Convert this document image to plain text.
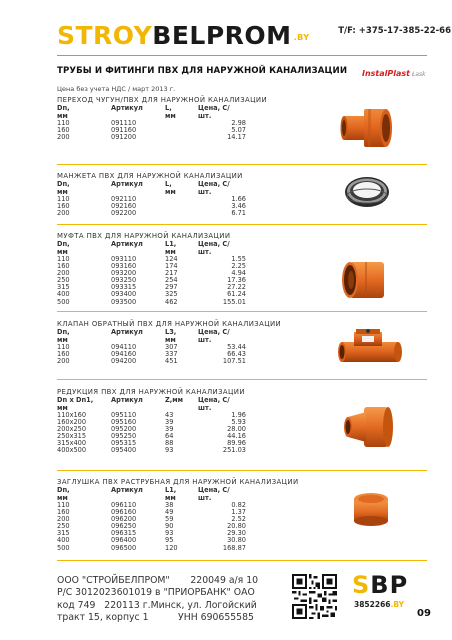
STROYBELPROM $^{.BY}$
T/F: +375-17-385-22-66
ТРУБЫ И ФИТИНГИ ПВХ ДЛЯ НАРУЖНОЙ КАНАЛИЗАЦИИ InstalPlast Łask
Цена без учета НДС / март 2013 г.
ПЕРЕХОД ЧУГУН/ПВХ ДЛЯ НАРУЖНОЙ КАНАЛИЗАЦИИ
Dn,
мм	Артикул	L,
мм	Цена, С/
шт.
110	091110		2.98
160	091160		5.07
200	091200		14.17
МАНЖЕТА ПВХ ДЛЯ НАРУЖНОЙ КАНАЛИЗАЦИИ
Dn,
мм	Артикул	L,
мм	Цена, С/
шт.
110	092110		1.66
160	092160		3.46
200	092200		6.71
МУФТА ПВХ ДЛЯ НАРУЖНОЙ КАНАЛИЗАЦИИ
Dn,
мм	Артикул	L1,
мм	Цена, С/
шт.
110	093110	124	1.55
160	093160	174	2.25
200	093200	217	4.94
250	093250	254	17.36
315	093315	297	27.22
400	093400	325	61.24
500	093500	462	155.01
КЛАПАН ОБРАТНЫЙ ПВХ ДЛЯ НАРУЖНОЙ КАНАЛИЗАЦИИ
Dn,
мм	Артикул	L3,
мм	Цена, С/
шт.
110	094110	307	53.44
160	094160	337	66.43
200	094200	451	107.51
РЕДУКЦИЯ ПВХ ДЛЯ НАРУЖНОЙ КАНАЛИЗАЦИИ
Dn x Dn1,
мм	Артикул	Z,мм	Цена, С/
шт.
110x160	095110	43	1.96
160x200	095160	39	5.93
200x250	095200	39	28.00
250x315	095250	64	44.16
315x400	095315	88	89.96
400x500	095400	93	251.03
ЗАГЛУШКА ПВХ РАСТРУБНАЯ ДЛЯ НАРУЖНОЙ КАНАЛИЗАЦИИ
Dn,
мм	Артикул	L1,
мм	Цена, С/
шт.
110	096110	38	0.82
160	096160	49	1.37
200	096200	59	2.52
250	096250	90	20.80
315	096315	93	29.30
400	096400	95	30.80
500	096500	120	168.87
ООО "СТРОЙБЕЛПРОМ"       220049 а/я 10
Р/С 3012023601019 в "ПРИОРБАНК" ОАО
код 749   220113 г.Минск, ул. Логойский
тракт 15, корпус 1          УНН 690655585
SBP
3852266.BY
09
